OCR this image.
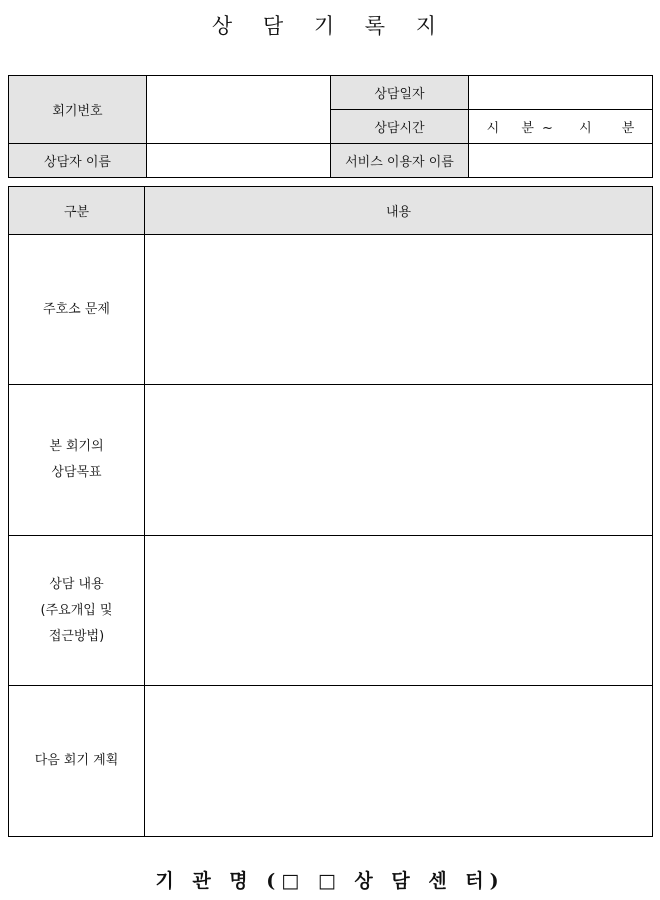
상 담 기 록 지
회기번호		상담일자	
		상담시간	시 분 ~ 시 분
상담자 이름		서비스 이용자 이름	
구분	내용

주호소 문제	

본 회기의
상담목표	

상담 내용
(주요개입 및
접근방법)	

다음 회기 계획	

기 관 명 (□ □ 상 담 센 터)
